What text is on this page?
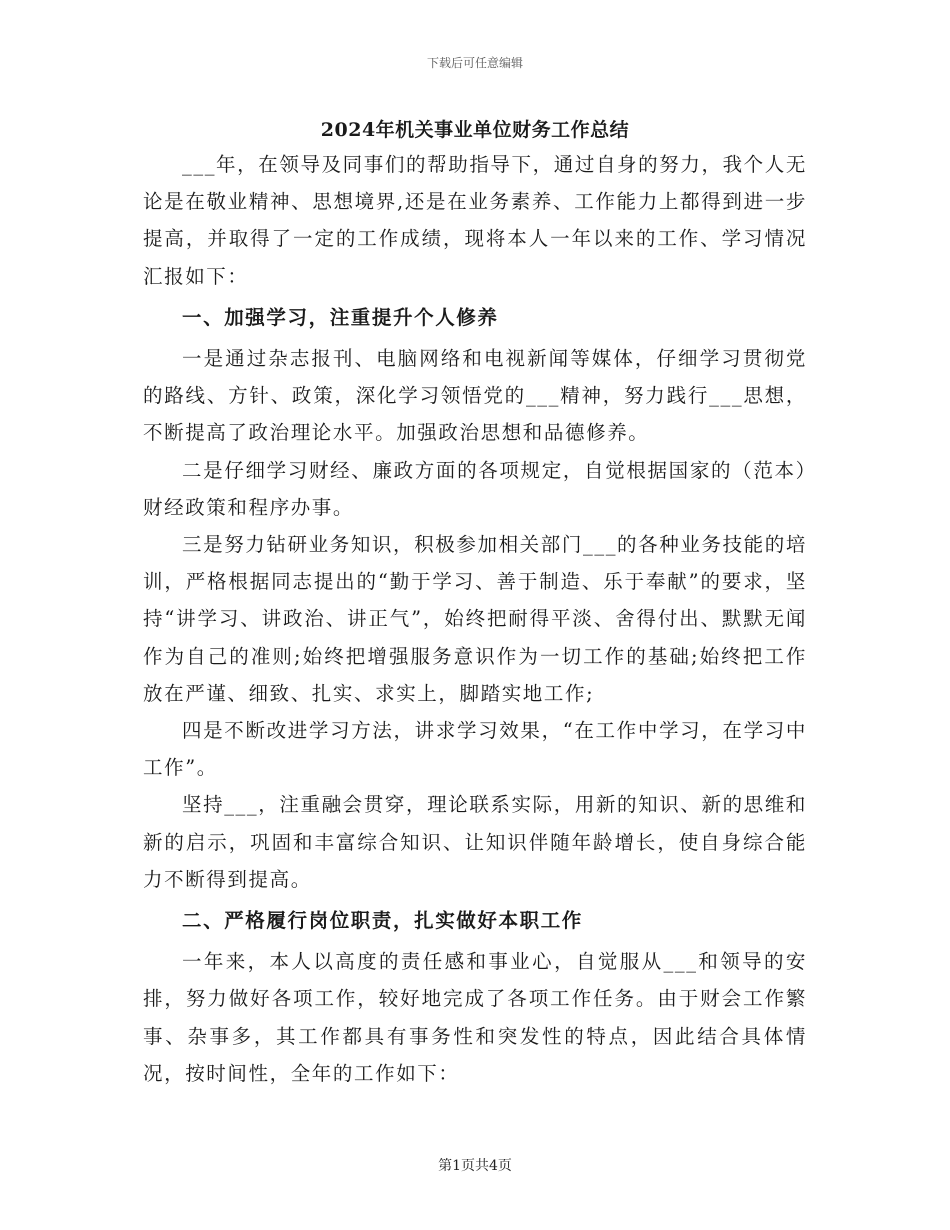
下载后可任意编辑
2024年机关事业单位财务工作总结

___年，在领导及同事们的帮助指导下，通过自身的努力，我个人无论是在敬业精神、思想境界,还是在业务素养、工作能力上都得到进一步提高，并取得了一定的工作成绩，现将本人一年以来的工作、学习情况汇报如下：

一、加强学习，注重提升个人修养

一是通过杂志报刊、电脑网络和电视新闻等媒体，仔细学习贯彻党的路线、方针、政策，深化学习领悟党的___精神，努力践行___思想，不断提高了政治理论水平。加强政治思想和品德修养。

二是仔细学习财经、廉政方面的各项规定，自觉根据国家的（范本）财经政策和程序办事。

三是努力钻研业务知识，积极参加相关部门___的各种业务技能的培训，严格根据同志提出的“勤于学习、善于制造、乐于奉献”的要求，坚持“讲学习、讲政治、讲正气”，始终把耐得平淡、舍得付出、默默无闻作为自己的准则;始终把增强服务意识作为一切工作的基础;始终把工作放在严谨、细致、扎实、求实上，脚踏实地工作;

四是不断改进学习方法，讲求学习效果，“在工作中学习，在学习中工作”。

坚持___，注重融会贯穿，理论联系实际，用新的知识、新的思维和新的启示，巩固和丰富综合知识、让知识伴随年龄增长，使自身综合能力不断得到提高。

二、严格履行岗位职责，扎实做好本职工作

一年来，本人以高度的责任感和事业心，自觉服从___和领导的安排，努力做好各项工作，较好地完成了各项工作任务。由于财会工作繁事、杂事多，其工作都具有事务性和突发性的特点，因此结合具体情况，按时间性，全年的工作如下：

第1页共4页
